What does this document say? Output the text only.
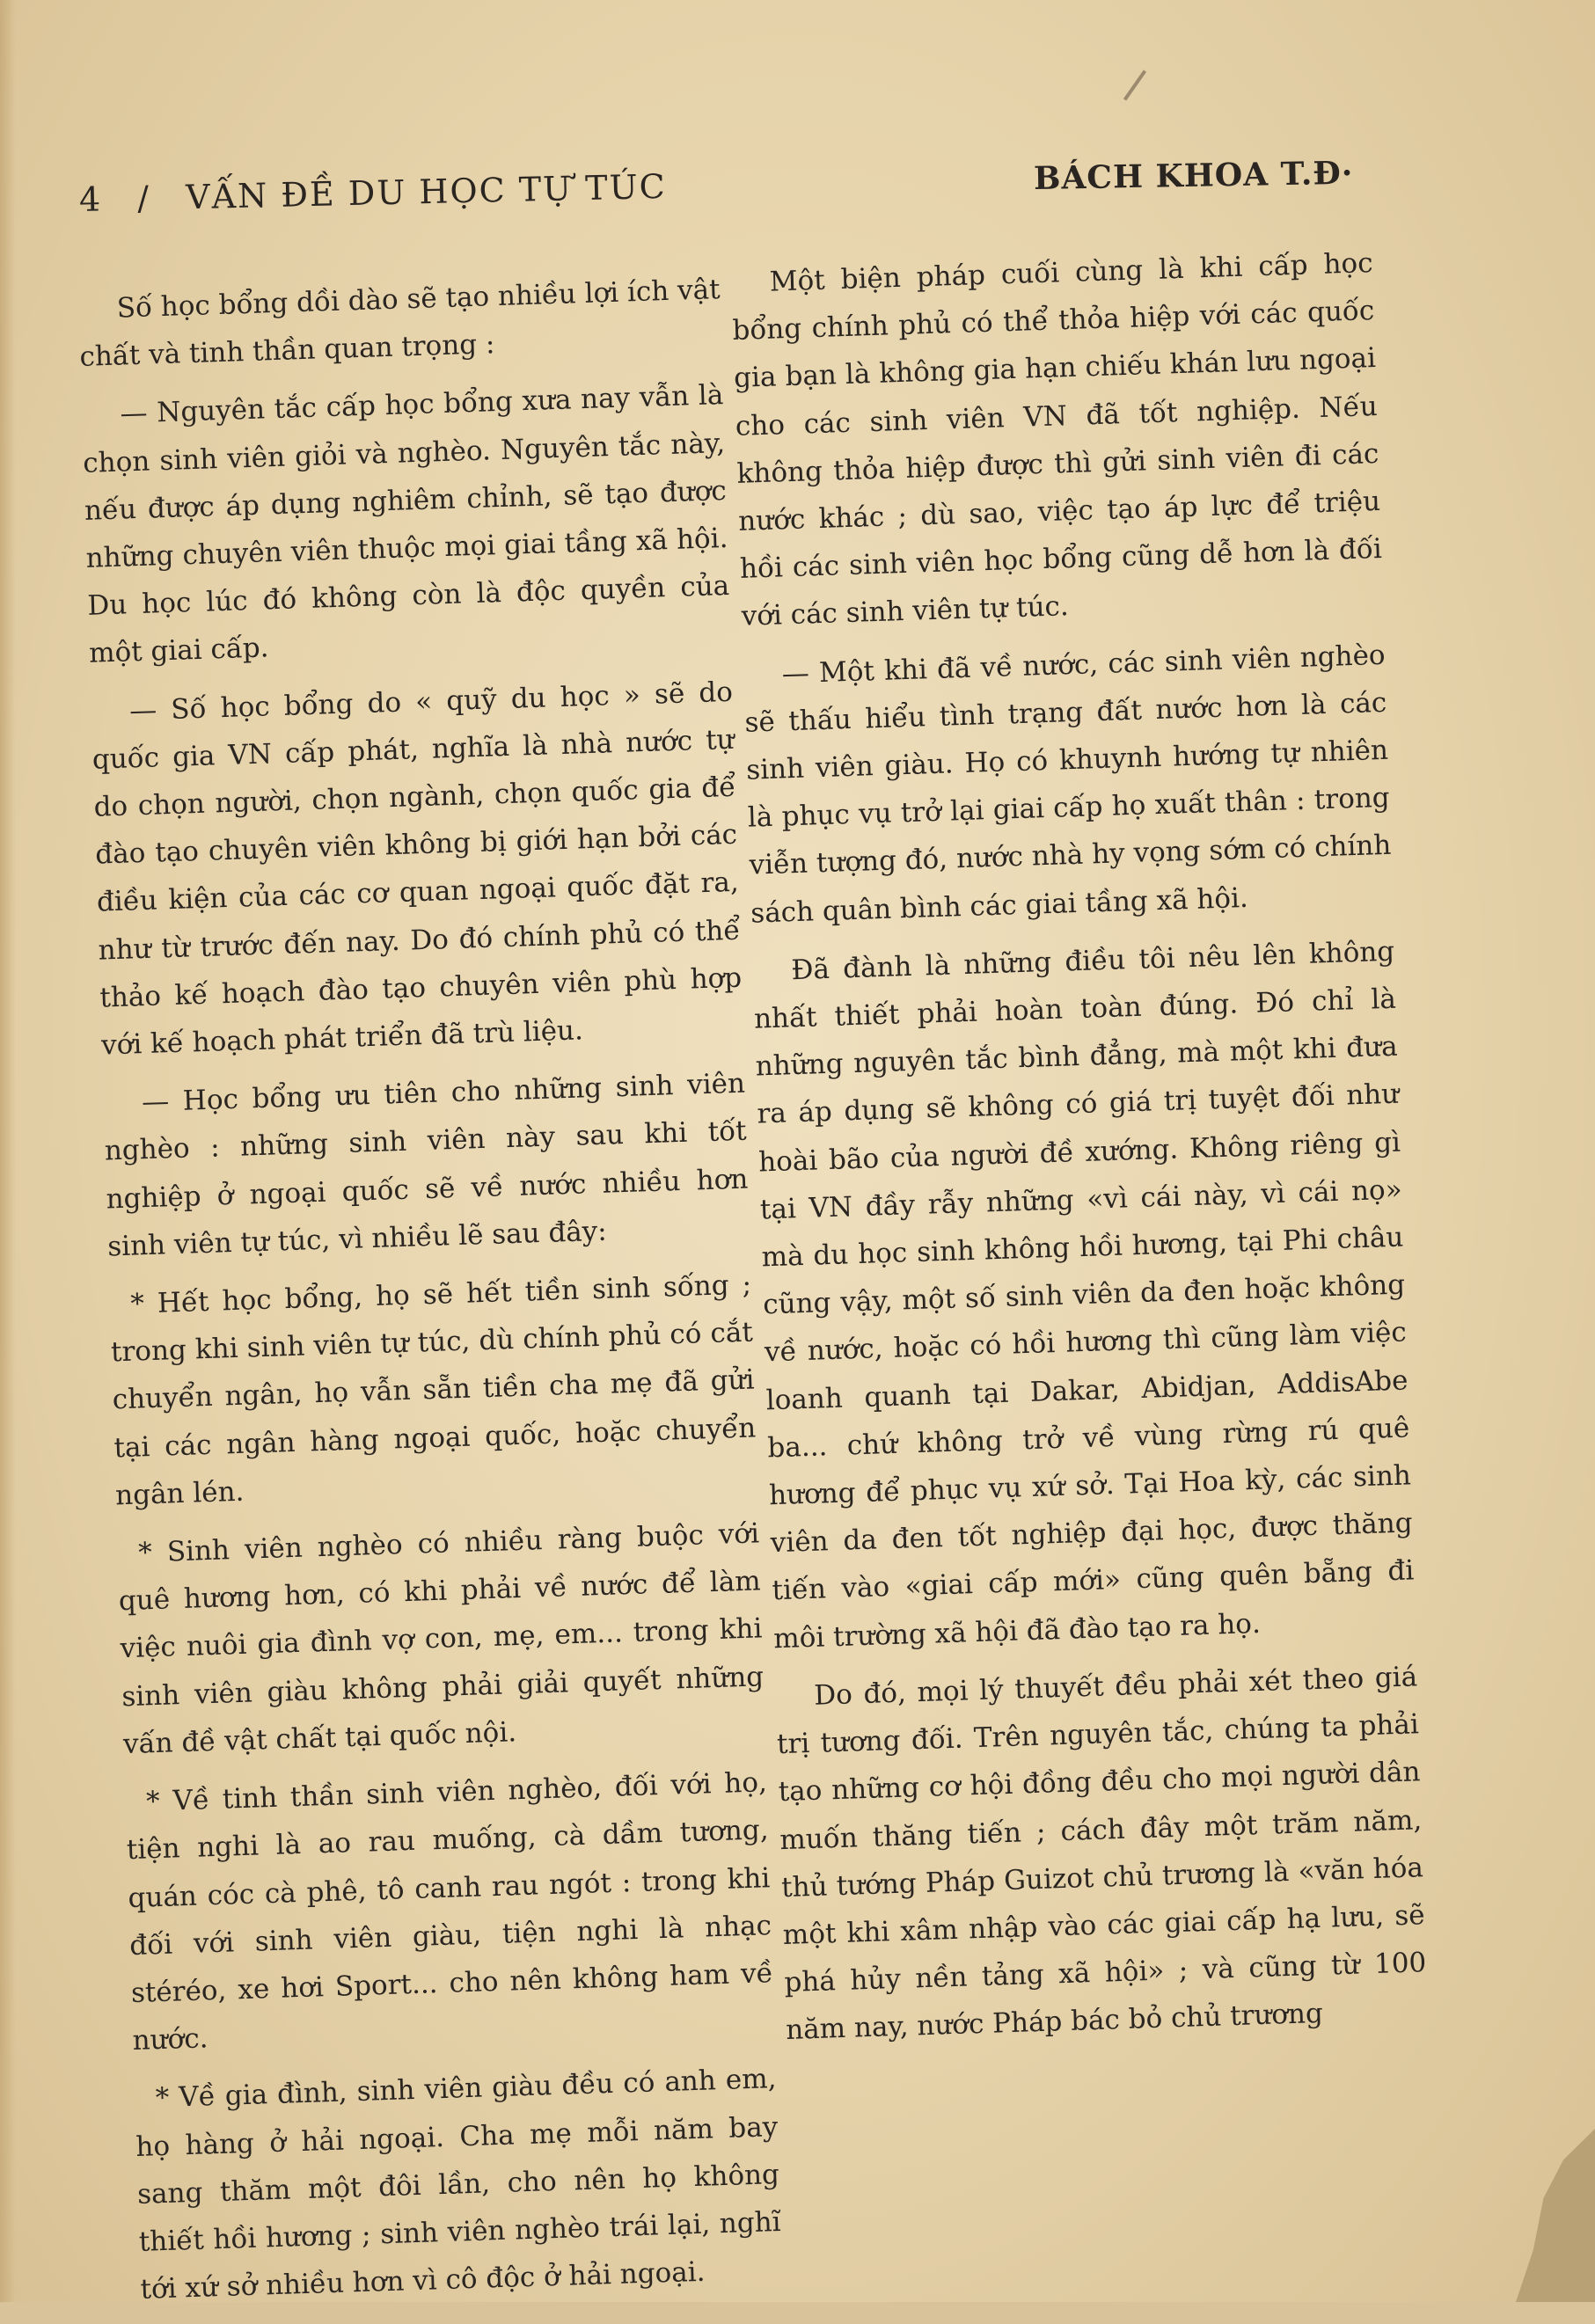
4 / VẤN ĐỀ DU HỌC TỰ TÚC	BÁCH KHOA T.Đ·

Số học bổng dồi dào sẽ tạo nhiều lợi ích vật chất và tinh thần quan trọng :

— Nguyên tắc cấp học bổng xưa nay vẫn là chọn sinh viên giỏi và nghèo. Nguyên tắc này, nếu được áp dụng nghiêm chỉnh, sẽ tạo được những chuyên viên thuộc mọi giai tầng xã hội. Du học lúc đó không còn là độc quyền của một giai cấp.

— Số học bổng do « quỹ du học » sẽ do quốc gia VN cấp phát, nghĩa là nhà nước tự do chọn người, chọn ngành, chọn quốc gia để đào tạo chuyên viên không bị giới hạn bởi các điều kiện của các cơ quan ngoại quốc đặt ra, như từ trước đến nay. Do đó chính phủ có thể thảo kế hoạch đào tạo chuyên viên phù hợp với kế hoạch phát triển đã trù liệu.

— Học bổng ưu tiên cho những sinh viên nghèo : những sinh viên này sau khi tốt nghiệp ở ngoại quốc sẽ về nước nhiều hơn sinh viên tự túc, vì nhiều lẽ sau đây:

* Hết học bổng, họ sẽ hết tiền sinh sống ; trong khi sinh viên tự túc, dù chính phủ có cắt chuyển ngân, họ vẫn sẵn tiền cha mẹ đã gửi tại các ngân hàng ngoại quốc, hoặc chuyển ngân lén.

* Sinh viên nghèo có nhiều ràng buộc với quê hương hơn, có khi phải về nước để làm việc nuôi gia đình vợ con, mẹ, em... trong khi sinh viên giàu không phải giải quyết những vấn đề vật chất tại quốc nội.

* Về tinh thần sinh viên nghèo, đối với họ, tiện nghi là ao rau muống, cà dầm tương, quán cóc cà phê, tô canh rau ngót : trong khi đối với sinh viên giàu, tiện nghi là nhạc stéréo, xe hơi Sport... cho nên không ham về nước.

* Về gia đình, sinh viên giàu đều có anh em, họ hàng ở hải ngoại. Cha mẹ mỗi năm bay sang thăm một đôi lần, cho nên họ không thiết hồi hương ; sinh viên nghèo trái lại, nghĩ tới xứ sở nhiều hơn vì cô độc ở hải ngoại.

Một biện pháp cuối cùng là khi cấp học bổng chính phủ có thể thỏa hiệp với các quốc gia bạn là không gia hạn chiếu khán lưu ngoại cho các sinh viên VN đã tốt nghiệp. Nếu không thỏa hiệp được thì gửi sinh viên đi các nước khác ; dù sao, việc tạo áp lực để triệu hồi các sinh viên học bổng cũng dễ hơn là đối với các sinh viên tự túc.

— Một khi đã về nước, các sinh viên nghèo sẽ thấu hiểu tình trạng đất nước hơn là các sinh viên giàu. Họ có khuynh hướng tự nhiên là phục vụ trở lại giai cấp họ xuất thân : trong viễn tượng đó, nước nhà hy vọng sớm có chính sách quân bình các giai tầng xã hội.

Đã đành là những điều tôi nêu lên không nhất thiết phải hoàn toàn đúng. Đó chỉ là những nguyên tắc bình đẳng, mà một khi đưa ra áp dụng sẽ không có giá trị tuyệt đối như hoài bão của người đề xướng. Không riêng gì tại VN đầy rẫy những «vì cái này, vì cái nọ» mà du học sinh không hồi hương, tại Phi châu cũng vậy, một số sinh viên da đen hoặc không về nước, hoặc có hồi hương thì cũng làm việc loanh quanh tại Dakar, Abidjan, AddisAbe ba... chứ không trở về vùng rừng rú quê hương để phục vụ xứ sở. Tại Hoa kỳ, các sinh viên da đen tốt nghiệp đại học, được thăng tiến vào «giai cấp mới» cũng quên bẵng đi môi trường xã hội đã đào tạo ra họ.

Do đó, mọi lý thuyết đều phải xét theo giá trị tương đối. Trên nguyên tắc, chúng ta phải tạo những cơ hội đồng đều cho mọi người dân muốn thăng tiến ; cách đây một trăm năm, thủ tướng Pháp Guizot chủ trương là «văn hóa một khi xâm nhập vào các giai cấp hạ lưu, sẽ phá hủy nền tảng xã hội» ; và cũng từ 100 năm nay, nước Pháp bác bỏ chủ trương
